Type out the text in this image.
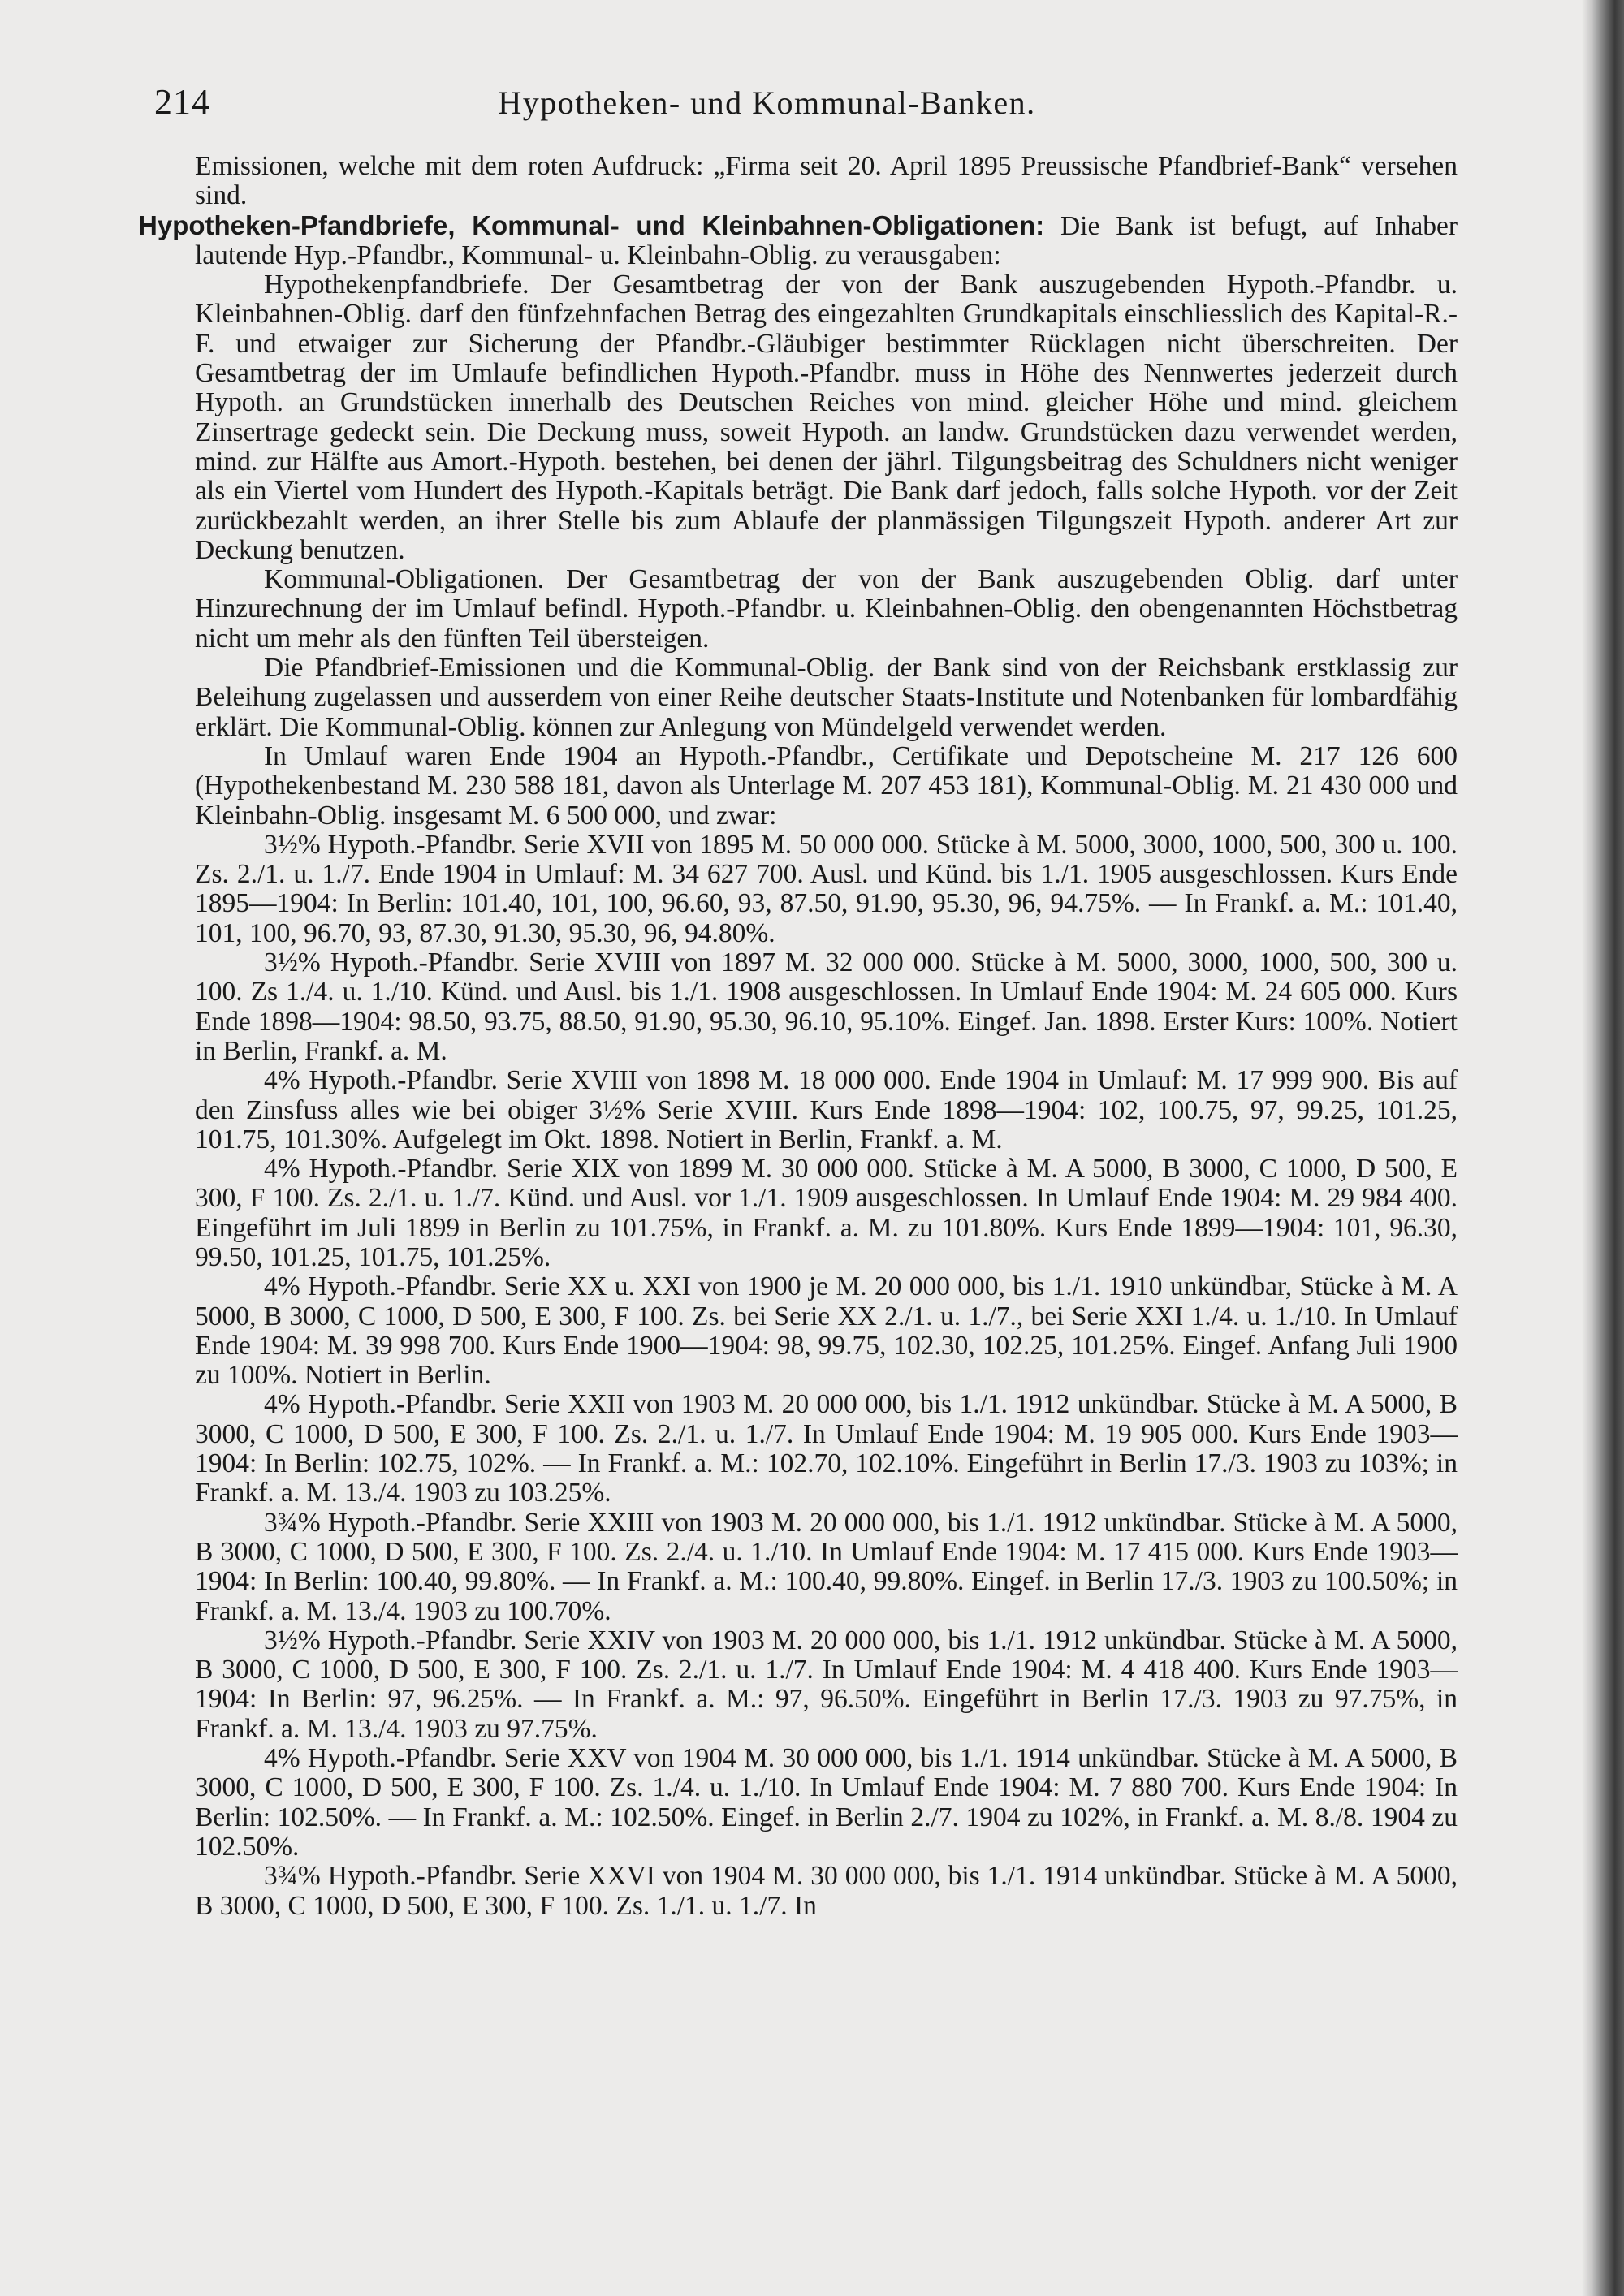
214	Hypotheken- und Kommunal-Banken.

Emissionen, welche mit dem roten Aufdruck: „Firma seit 20. April 1895 Preussische Pfandbrief-Bank“ versehen sind.

Hypotheken-Pfandbriefe, Kommunal- und Kleinbahnen-Obligationen: Die Bank ist befugt, auf Inhaber lautende Hyp.-Pfandbr., Kommunal- u. Kleinbahn-Oblig. zu verausgaben:

Hypothekenpfandbriefe. Der Gesamtbetrag der von der Bank auszugebenden Hypoth.-Pfandbr. u. Kleinbahnen-Oblig. darf den fünfzehnfachen Betrag des eingezahlten Grundkapitals einschliesslich des Kapital-R.-F. und etwaiger zur Sicherung der Pfandbr.-Gläubiger bestimmter Rücklagen nicht überschreiten. Der Gesamtbetrag der im Umlaufe befindlichen Hypoth.-Pfandbr. muss in Höhe des Nennwertes jederzeit durch Hypoth. an Grundstücken innerhalb des Deutschen Reiches von mind. gleicher Höhe und mind. gleichem Zinsertrage gedeckt sein. Die Deckung muss, soweit Hypoth. an landw. Grundstücken dazu verwendet werden, mind. zur Hälfte aus Amort.-Hypoth. bestehen, bei denen der jährl. Tilgungsbeitrag des Schuldners nicht weniger als ein Viertel vom Hundert des Hypoth.-Kapitals beträgt. Die Bank darf jedoch, falls solche Hypoth. vor der Zeit zurückbezahlt werden, an ihrer Stelle bis zum Ablaufe der planmässigen Tilgungszeit Hypoth. anderer Art zur Deckung benutzen.

Kommunal-Obligationen. Der Gesamtbetrag der von der Bank auszugebenden Oblig. darf unter Hinzurechnung der im Umlauf befindl. Hypoth.-Pfandbr. u. Kleinbahnen-Oblig. den obengenannten Höchstbetrag nicht um mehr als den fünften Teil übersteigen.

Die Pfandbrief-Emissionen und die Kommunal-Oblig. der Bank sind von der Reichsbank erstklassig zur Beleihung zugelassen und ausserdem von einer Reihe deutscher Staats-Institute und Notenbanken für lombardfähig erklärt. Die Kommunal-Oblig. können zur Anlegung von Mündelgeld verwendet werden.

In Umlauf waren Ende 1904 an Hypoth.-Pfandbr., Certifikate und Depotscheine M. 217 126 600 (Hypothekenbestand M. 230 588 181, davon als Unterlage M. 207 453 181), Kommunal-Oblig. M. 21 430 000 und Kleinbahn-Oblig. insgesamt M. 6 500 000, und zwar:

3½% Hypoth.-Pfandbr. Serie XVII von 1895 M. 50 000 000. Stücke à M. 5000, 3000, 1000, 500, 300 u. 100. Zs. 2./1. u. 1./7. Ende 1904 in Umlauf: M. 34 627 700. Ausl. und Künd. bis 1./1. 1905 ausgeschlossen. Kurs Ende 1895—1904: In Berlin: 101.40, 101, 100, 96.60, 93, 87.50, 91.90, 95.30, 96, 94.75%. — In Frankf. a. M.: 101.40, 101, 100, 96.70, 93, 87.30, 91.30, 95.30, 96, 94.80%.

3½% Hypoth.-Pfandbr. Serie XVIII von 1897 M. 32 000 000. Stücke à M. 5000, 3000, 1000, 500, 300 u. 100. Zs 1./4. u. 1./10. Künd. und Ausl. bis 1./1. 1908 ausgeschlossen. In Umlauf Ende 1904: M. 24 605 000. Kurs Ende 1898—1904: 98.50, 93.75, 88.50, 91.90, 95.30, 96.10, 95.10%. Eingef. Jan. 1898. Erster Kurs: 100%. Notiert in Berlin, Frankf. a. M.

4% Hypoth.-Pfandbr. Serie XVIII von 1898 M. 18 000 000. Ende 1904 in Umlauf: M. 17 999 900. Bis auf den Zinsfuss alles wie bei obiger 3½% Serie XVIII. Kurs Ende 1898—1904: 102, 100.75, 97, 99.25, 101.25, 101.75, 101.30%. Aufgelegt im Okt. 1898. Notiert in Berlin, Frankf. a. M.

4% Hypoth.-Pfandbr. Serie XIX von 1899 M. 30 000 000. Stücke à M. A 5000, B 3000, C 1000, D 500, E 300, F 100. Zs. 2./1. u. 1./7. Künd. und Ausl. vor 1./1. 1909 ausgeschlossen. In Umlauf Ende 1904: M. 29 984 400. Eingeführt im Juli 1899 in Berlin zu 101.75%, in Frankf. a. M. zu 101.80%. Kurs Ende 1899—1904: 101, 96.30, 99.50, 101.25, 101.75, 101.25%.

4% Hypoth.-Pfandbr. Serie XX u. XXI von 1900 je M. 20 000 000, bis 1./1. 1910 unkündbar, Stücke à M. A 5000, B 3000, C 1000, D 500, E 300, F 100. Zs. bei Serie XX 2./1. u. 1./7., bei Serie XXI 1./4. u. 1./10. In Umlauf Ende 1904: M. 39 998 700. Kurs Ende 1900—1904: 98, 99.75, 102.30, 102.25, 101.25%. Eingef. Anfang Juli 1900 zu 100%. Notiert in Berlin.

4% Hypoth.-Pfandbr. Serie XXII von 1903 M. 20 000 000, bis 1./1. 1912 unkündbar. Stücke à M. A 5000, B 3000, C 1000, D 500, E 300, F 100. Zs. 2./1. u. 1./7. In Umlauf Ende 1904: M. 19 905 000. Kurs Ende 1903—1904: In Berlin: 102.75, 102%. — In Frankf. a. M.: 102.70, 102.10%. Eingeführt in Berlin 17./3. 1903 zu 103%; in Frankf. a. M. 13./4. 1903 zu 103.25%.

3¾% Hypoth.-Pfandbr. Serie XXIII von 1903 M. 20 000 000, bis 1./1. 1912 unkündbar. Stücke à M. A 5000, B 3000, C 1000, D 500, E 300, F 100. Zs. 2./4. u. 1./10. In Umlauf Ende 1904: M. 17 415 000. Kurs Ende 1903—1904: In Berlin: 100.40, 99.80%. — In Frankf. a. M.: 100.40, 99.80%. Eingef. in Berlin 17./3. 1903 zu 100.50%; in Frankf. a. M. 13./4. 1903 zu 100.70%.

3½% Hypoth.-Pfandbr. Serie XXIV von 1903 M. 20 000 000, bis 1./1. 1912 unkündbar. Stücke à M. A 5000, B 3000, C 1000, D 500, E 300, F 100. Zs. 2./1. u. 1./7. In Umlauf Ende 1904: M. 4 418 400. Kurs Ende 1903—1904: In Berlin: 97, 96.25%. — In Frankf. a. M.: 97, 96.50%. Eingeführt in Berlin 17./3. 1903 zu 97.75%, in Frankf. a. M. 13./4. 1903 zu 97.75%.

4% Hypoth.-Pfandbr. Serie XXV von 1904 M. 30 000 000, bis 1./1. 1914 unkündbar. Stücke à M. A 5000, B 3000, C 1000, D 500, E 300, F 100. Zs. 1./4. u. 1./10. In Umlauf Ende 1904: M. 7 880 700. Kurs Ende 1904: In Berlin: 102.50%. — In Frankf. a. M.: 102.50%. Eingef. in Berlin 2./7. 1904 zu 102%, in Frankf. a. M. 8./8. 1904 zu 102.50%.

3¾% Hypoth.-Pfandbr. Serie XXVI von 1904 M. 30 000 000, bis 1./1. 1914 unkündbar. Stücke à M. A 5000, B 3000, C 1000, D 500, E 300, F 100. Zs. 1./1. u. 1./7. In
